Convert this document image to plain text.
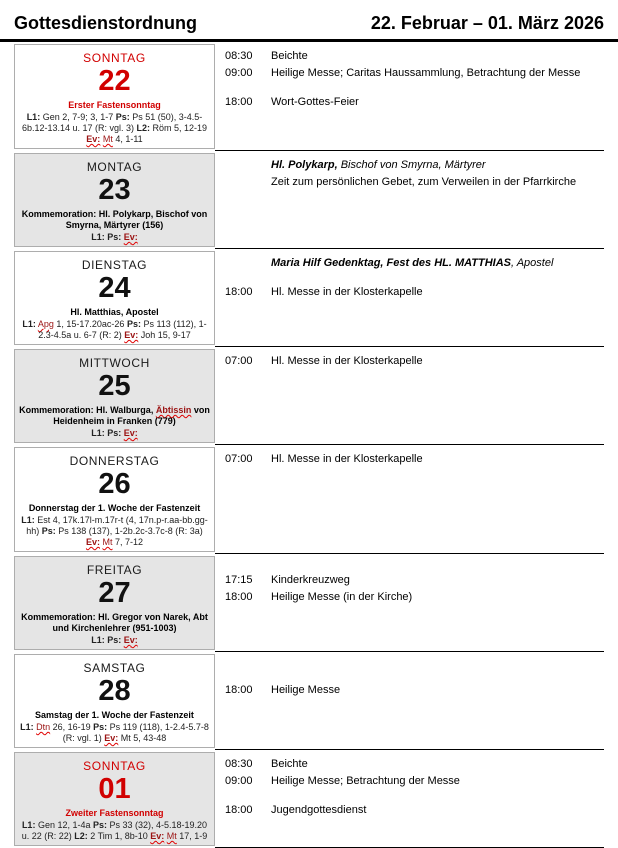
Gottesdienstordnung	22. Februar – 01. März 2026
SONNTAG
22
Erster Fastensonntag
L1: Gen 2, 7-9; 3, 1-7 Ps: Ps 51 (50), 3-4.5-6b.12-13.14 u. 17 (R: vgl. 3) L2: Röm 5, 12-19 Ev: Mt 4, 1-11
08:30	Beichte
09:00	Heilige Messe; Caritas Haussammlung, Betrachtung der Messe
18:00	Wort-Gottes-Feier
MONTAG
23
Kommemoration: Hl. Polykarp, Bischof von Smyrna, Märtyrer (156)
L1: Ps: Ev:
Hl. Polykarp, Bischof von Smyrna, Märtyrer
Zeit zum persönlichen Gebet, zum Verweilen in der Pfarrkirche
DIENSTAG
24
Hl. Matthias, Apostel
L1: Apg 1, 15-17.20ac-26 Ps: Ps 113 (112), 1-2.3-4.5a u. 6-7 (R: 2) Ev: Joh 15, 9-17
Maria Hilf Gedenktag, Fest des HL. MATTHIAS, Apostel
18:00	Hl. Messe in der Klosterkapelle
MITTWOCH
25
Kommemoration: Hl. Walburga, Äbtissin von Heidenheim in Franken (779)
L1: Ps: Ev:
07:00	Hl. Messe in der Klosterkapelle
DONNERSTAG
26
Donnerstag der 1. Woche der Fastenzeit
L1: Est 4, 17k.17l-m.17r-t (4, 17n.p-r.aa-bb.gg-hh) Ps: Ps 138 (137), 1-2b.2c-3.7c-8 (R: 3a) Ev: Mt 7, 7-12
07:00	Hl. Messe in der Klosterkapelle
FREITAG
27
Kommemoration: Hl. Gregor von Narek, Abt und Kirchenlehrer (951-1003)
L1: Ps: Ev:
17:15	Kinderkreuzweg
18:00	Heilige Messe (in der Kirche)
SAMSTAG
28
Samstag der 1. Woche der Fastenzeit
L1: Dtn 26, 16-19 Ps: Ps 119 (118), 1-2.4-5.7-8 (R: vgl. 1) Ev: Mt 5, 43-48
18:00	Heilige Messe
SONNTAG
01
Zweiter Fastensonntag
L1: Gen 12, 1-4a Ps: Ps 33 (32), 4-5.18-19.20 u. 22 (R: 22) L2: 2 Tim 1, 8b-10 Ev: Mt 17, 1-9
08:30	Beichte
09:00	Heilige Messe; Betrachtung der Messe
18:00	Jugendgottesdienst
